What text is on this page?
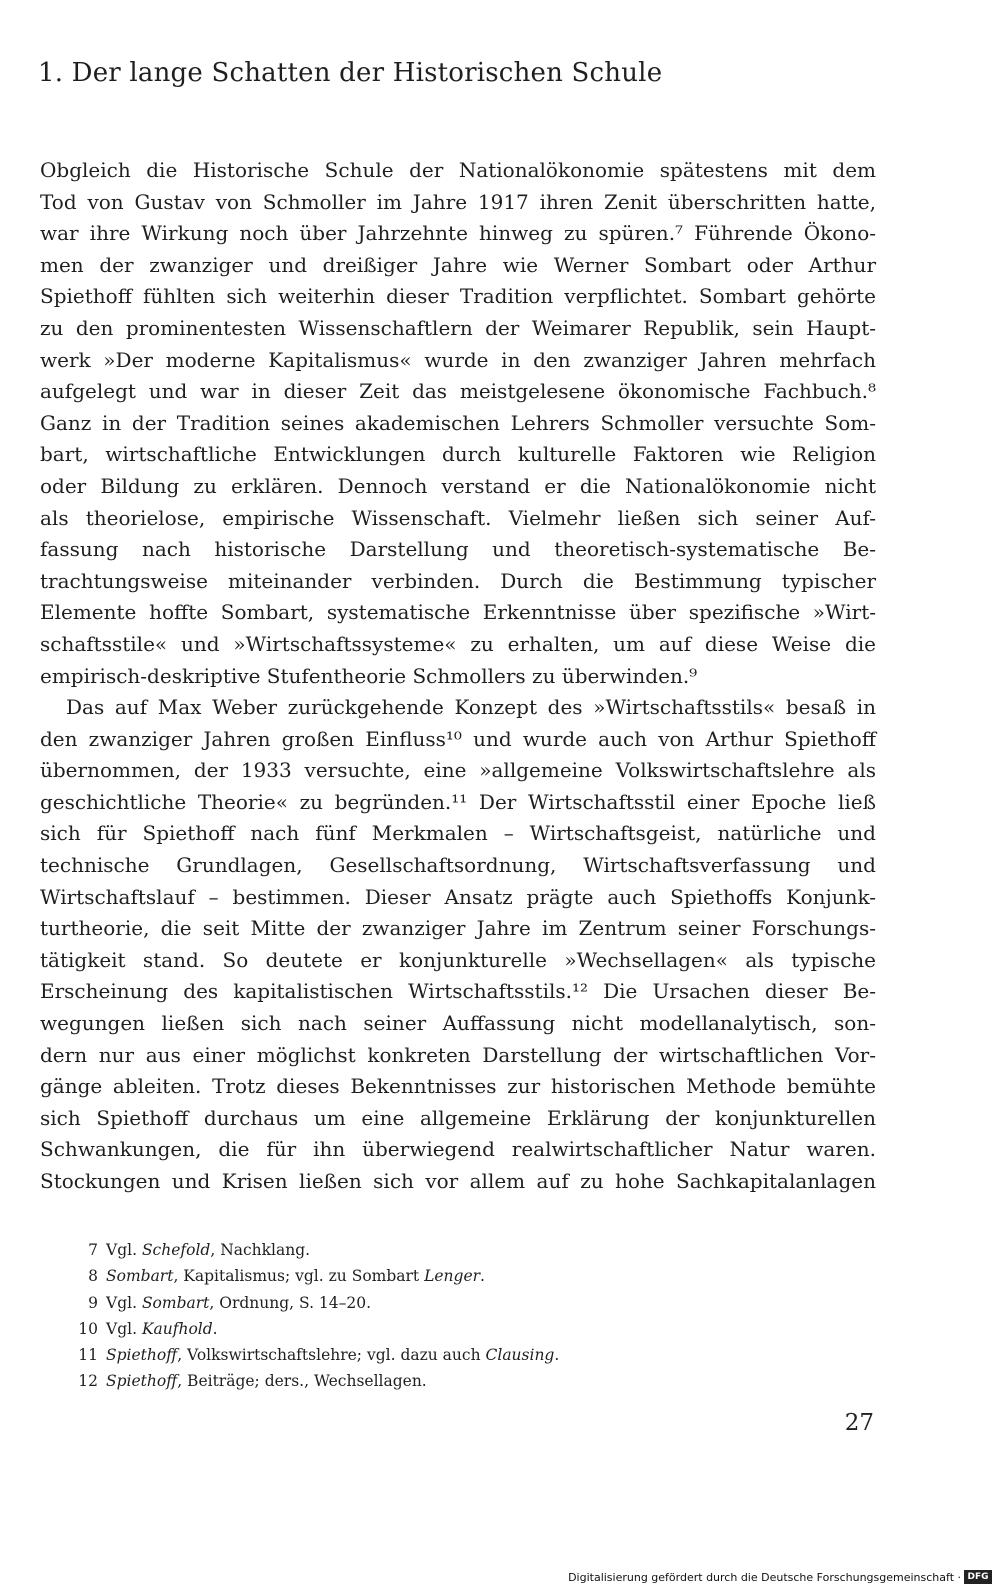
1. Der lange Schatten der Historischen Schule
Obgleich die Historische Schule der Nationalökonomie spätestens mit dem
Tod von Gustav von Schmoller im Jahre 1917 ihren Zenit überschritten hatte,
war ihre Wirkung noch über Jahrzehnte hinweg zu spüren.⁷ Führende Ökono-
men der zwanziger und dreißiger Jahre wie Werner Sombart oder Arthur
Spiethoff fühlten sich weiterhin dieser Tradition verpflichtet. Sombart gehörte
zu den prominentesten Wissenschaftlern der Weimarer Republik, sein Haupt-
werk »Der moderne Kapitalismus« wurde in den zwanziger Jahren mehrfach
aufgelegt und war in dieser Zeit das meistgelesene ökonomische Fachbuch.⁸
Ganz in der Tradition seines akademischen Lehrers Schmoller versuchte Som-
bart, wirtschaftliche Entwicklungen durch kulturelle Faktoren wie Religion
oder Bildung zu erklären. Dennoch verstand er die Nationalökonomie nicht
als theorielose, empirische Wissenschaft. Vielmehr ließen sich seiner Auf-
fassung nach historische Darstellung und theoretisch-systematische Be-
trachtungsweise miteinander verbinden. Durch die Bestimmung typischer
Elemente hoffte Sombart, systematische Erkenntnisse über spezifische »Wirt-
schaftsstile« und »Wirtschaftssysteme« zu erhalten, um auf diese Weise die
empirisch-deskriptive Stufentheorie Schmollers zu überwinden.⁹
Das auf Max Weber zurückgehende Konzept des »Wirtschaftsstils« besaß in
den zwanziger Jahren großen Einfluss¹⁰ und wurde auch von Arthur Spiethoff
übernommen, der 1933 versuchte, eine »allgemeine Volkswirtschaftslehre als
geschichtliche Theorie« zu begründen.¹¹ Der Wirtschaftsstil einer Epoche ließ
sich für Spiethoff nach fünf Merkmalen – Wirtschaftsgeist, natürliche und
technische Grundlagen, Gesellschaftsordnung, Wirtschaftsverfassung und
Wirtschaftslauf – bestimmen. Dieser Ansatz prägte auch Spiethoffs Konjunk-
turtheorie, die seit Mitte der zwanziger Jahre im Zentrum seiner Forschungs-
tätigkeit stand. So deutete er konjunkturelle »Wechsellagen« als typische
Erscheinung des kapitalistischen Wirtschaftsstils.¹² Die Ursachen dieser Be-
wegungen ließen sich nach seiner Auffassung nicht modellanalytisch, son-
dern nur aus einer möglichst konkreten Darstellung der wirtschaftlichen Vor-
gänge ableiten. Trotz dieses Bekenntnisses zur historischen Methode bemühte
sich Spiethoff durchaus um eine allgemeine Erklärung der konjunkturellen
Schwankungen, die für ihn überwiegend realwirtschaftlicher Natur waren.
Stockungen und Krisen ließen sich vor allem auf zu hohe Sachkapitalanlagen
7 Vgl. Schefold, Nachklang.
8 Sombart, Kapitalismus; vgl. zu Sombart Lenger.
9 Vgl. Sombart, Ordnung, S. 14–20.
10 Vgl. Kaufhold.
11 Spiethoff, Volkswirtschaftslehre; vgl. dazu auch Clausing.
12 Spiethoff, Beiträge; ders., Wechsellagen.
27
Digitalisierung gefördert durch die Deutsche Forschungsgemeinschaft · DFG
